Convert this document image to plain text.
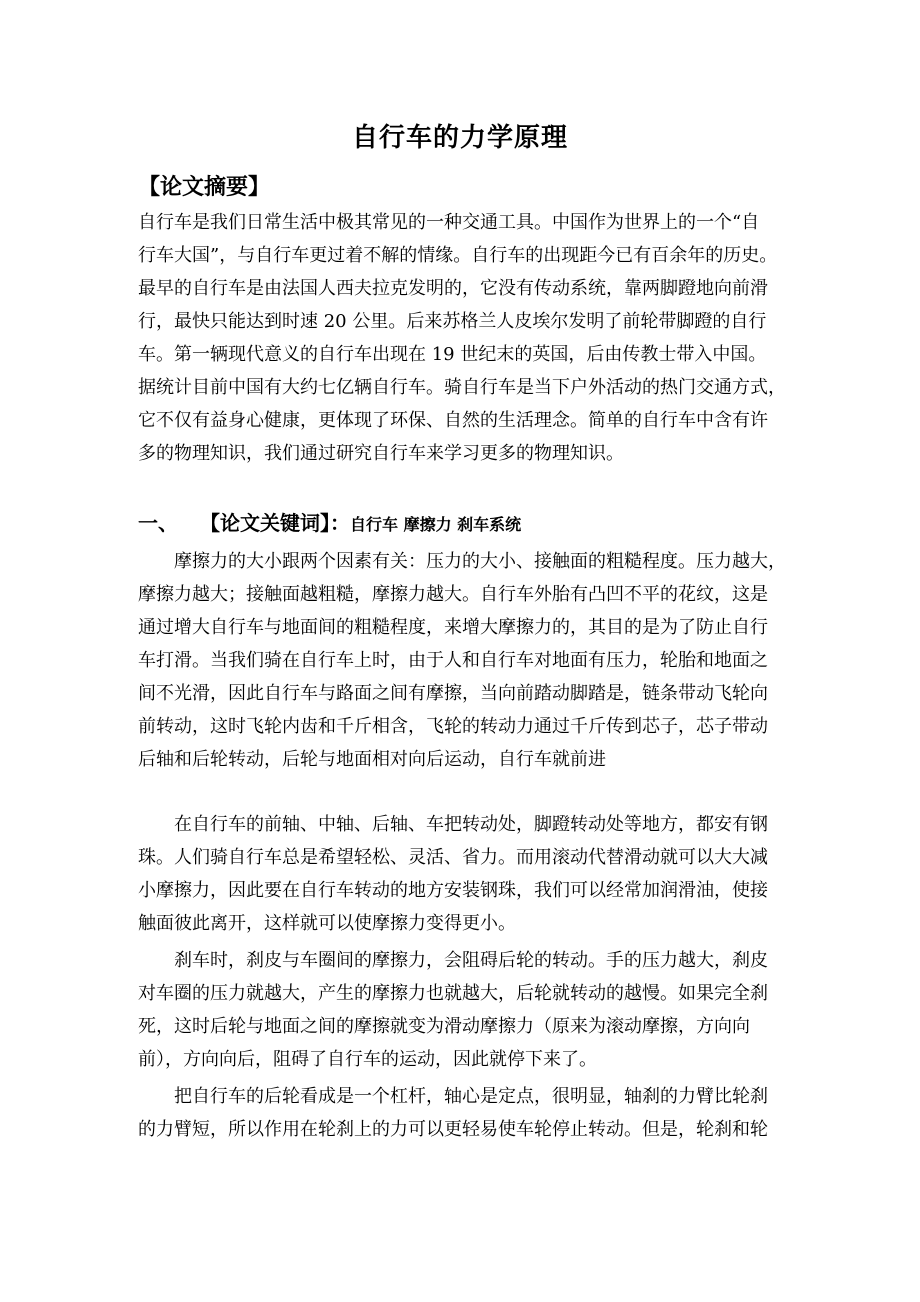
自行车的力学原理
【论文摘要】
自行车是我们日常生活中极其常见的一种交通工具。中国作为世界上的一个“自
行车大国”，与自行车更过着不解的情缘。自行车的出现距今已有百余年的历史。
最早的自行车是由法国人西夫拉克发明的，它没有传动系统，靠两脚蹬地向前滑
行，最快只能达到时速 20 公里。后来苏格兰人皮埃尔发明了前轮带脚蹬的自行
车。第一辆现代意义的自行车出现在 19 世纪末的英国，后由传教士带入中国。
据统计目前中国有大约七亿辆自行车。骑自行车是当下户外活动的热门交通方式，
它不仅有益身心健康，更体现了环保、自然的生活理念。简单的自行车中含有许
多的物理知识，我们通过研究自行车来学习更多的物理知识。
一、 【论文关键词】：自行车 摩擦力 刹车系统
摩擦力的大小跟两个因素有关：压力的大小、接触面的粗糙程度。压力越大，
摩擦力越大；接触面越粗糙，摩擦力越大。自行车外胎有凸凹不平的花纹，这是
通过增大自行车与地面间的粗糙程度，来增大摩擦力的，其目的是为了防止自行
车打滑。当我们骑在自行车上时，由于人和自行车对地面有压力，轮胎和地面之
间不光滑，因此自行车与路面之间有摩擦，当向前踏动脚踏是，链条带动飞轮向
前转动，这时飞轮内齿和千斤相含，飞轮的转动力通过千斤传到芯子，芯子带动
后轴和后轮转动，后轮与地面相对向后运动，自行车就前进
在自行车的前轴、中轴、后轴、车把转动处，脚蹬转动处等地方，都安有钢
珠。人们骑自行车总是希望轻松、灵活、省力。而用滚动代替滑动就可以大大减
小摩擦力，因此要在自行车转动的地方安装钢珠，我们可以经常加润滑油，使接
触面彼此离开，这样就可以使摩擦力变得更小。
刹车时，刹皮与车圈间的摩擦力，会阻碍后轮的转动。手的压力越大，刹皮
对车圈的压力就越大，产生的摩擦力也就越大，后轮就转动的越慢。如果完全刹
死，这时后轮与地面之间的摩擦就变为滑动摩擦力（原来为滚动摩擦，方向向
前），方向向后，阻碍了自行车的运动，因此就停下来了。
把自行车的后轮看成是一个杠杆，轴心是定点，很明显，轴刹的力臂比轮刹
的力臂短，所以作用在轮刹上的力可以更轻易使车轮停止转动。但是，轮刹和轮
